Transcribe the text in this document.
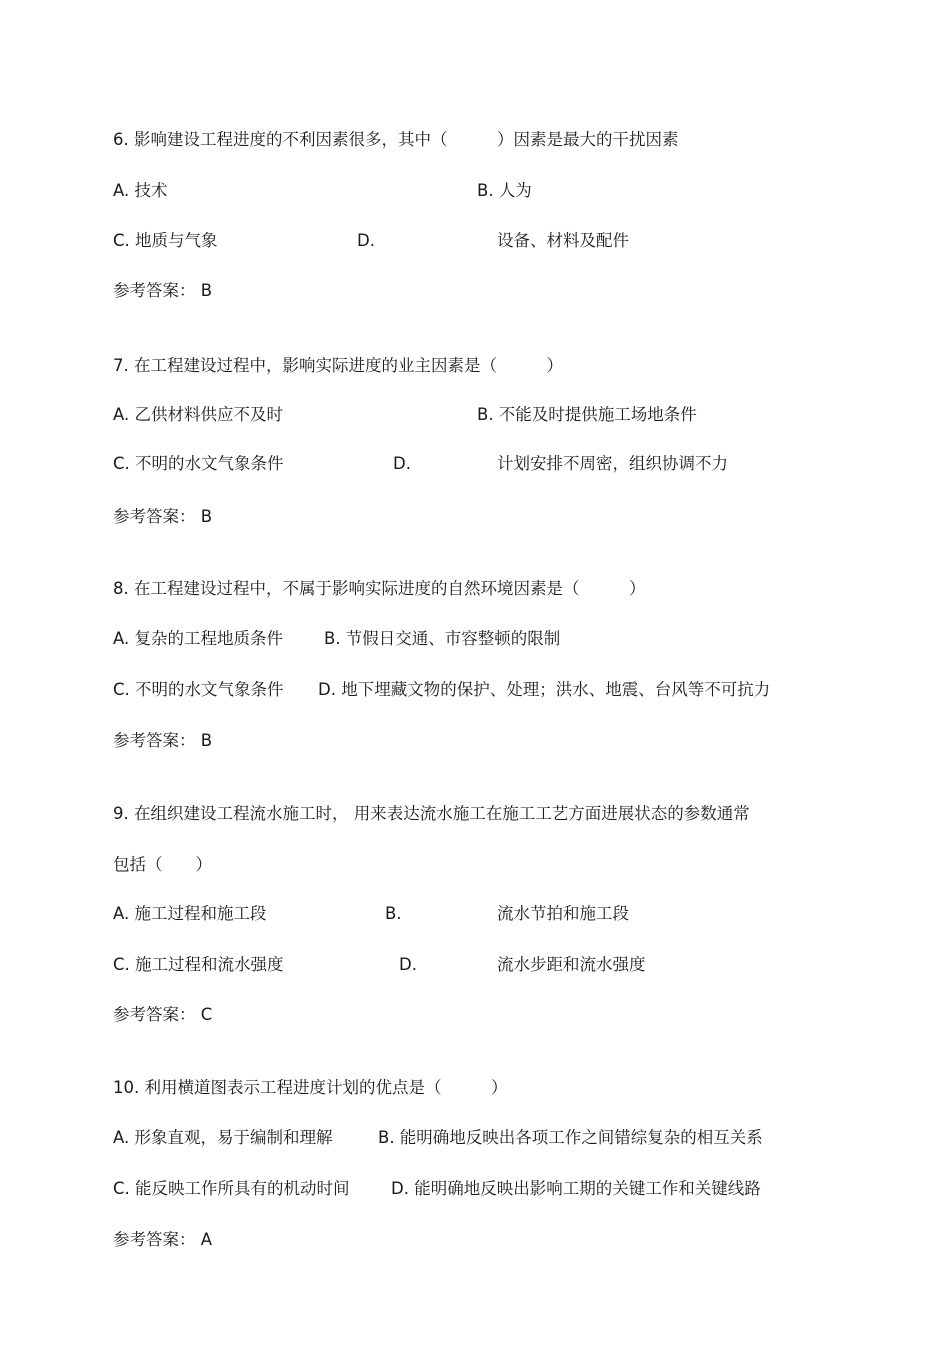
6. 影响建设工程进度的不利因素很多，其中（　　　）因素是最大的干扰因素
A. 技术	B. 人为
C. 地质与气象	D.	设备、材料及配件
参考答案： B
7. 在工程建设过程中，影响实际进度的业主因素是（　　　）
A. 乙供材料供应不及时	B. 不能及时提供施工场地条件
C. 不明的水文气象条件	D.	计划安排不周密，组织协调不力
参考答案： B
8. 在工程建设过程中，不属于影响实际进度的自然环境因素是（　　　）
A. 复杂的工程地质条件 B. 节假日交通、市容整顿的限制
C. 不明的水文气象条件 D. 地下埋藏文物的保护、处理；洪水、地震、台风等不可抗力
参考答案： B
9. 在组织建设工程流水施工时， 用来表达流水施工在施工工艺方面进展状态的参数通常
包括（　　）
A. 施工过程和施工段	B.	流水节拍和施工段
C. 施工过程和流水强度	D.	流水步距和流水强度
参考答案： C
10. 利用横道图表示工程进度计划的优点是（　　　）
A. 形象直观，易于编制和理解	B. 能明确地反映出各项工作之间错综复杂的相互关系
C. 能反映工作所具有的机动时间	D. 能明确地反映出影响工期的关键工作和关键线路
参考答案： A
